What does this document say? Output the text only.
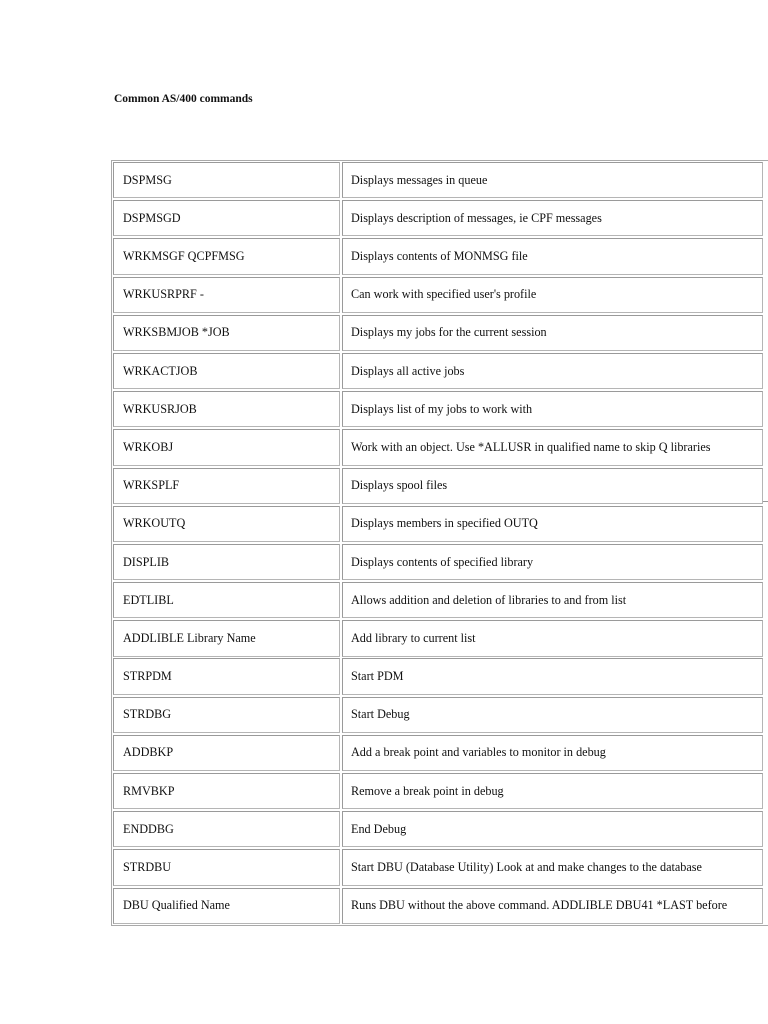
Common AS/400 commands
DSPMSG	Displays messages in queue
DSPMSGD	Displays description of messages, ie CPF messages
WRKMSGF QCPFMSG	Displays contents of MONMSG file
WRKUSRPRF -	Can work with specified user's profile
WRKSBMJOB *JOB	Displays my jobs for the current session
WRKACTJOB	Displays all active jobs
WRKUSRJOB	Displays list of my jobs to work with
WRKOBJ	Work with an object. Use *ALLUSR in qualified name to skip Q libraries
WRKSPLF	Displays spool files
WRKOUTQ	Displays members in specified OUTQ
DISPLIB	Displays contents of specified library
EDTLIBL	Allows addition and deletion of libraries to and from list
ADDLIBLE Library Name	Add library to current list
STRPDM	Start PDM
STRDBG	Start Debug
ADDBKP	Add a break point and variables to monitor in debug
RMVBKP	Remove a break point in debug
ENDDBG	End Debug
STRDBU	Start DBU (Database Utility) Look at and make changes to the database
DBU Qualified Name	Runs DBU without the above command. ADDLIBLE DBU41 *LAST before
